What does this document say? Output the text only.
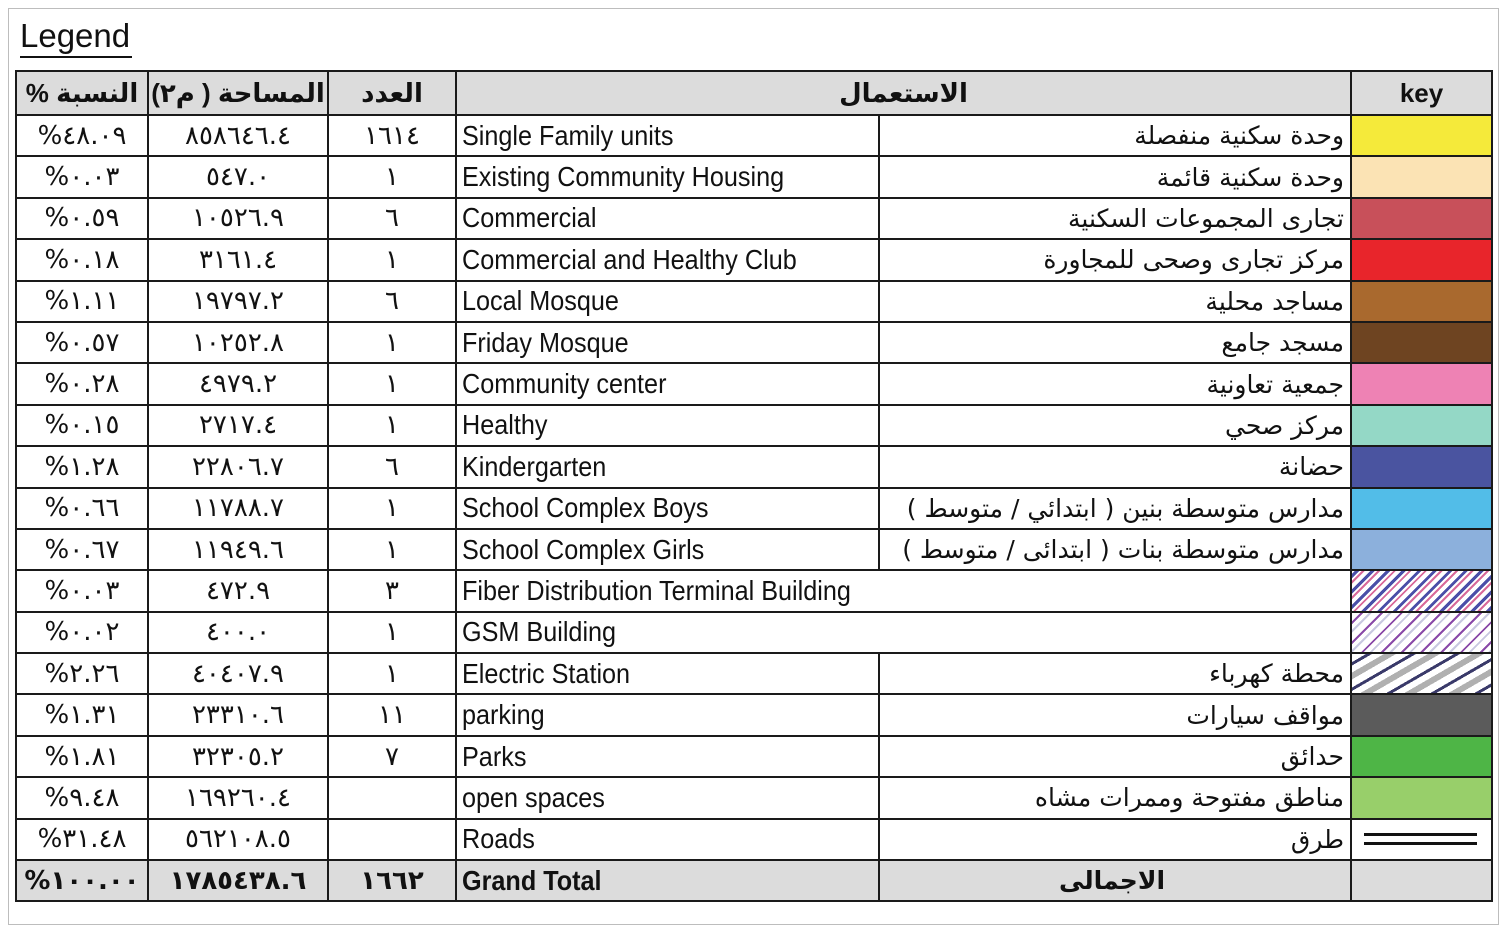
Legend
النسبة %	المساحة ( م٢)	العدد	الاستعمال		key
%٤٨.٠٩	٨٥٨٦٤٦.٤	١٦١٤	Single Family units	وحدة سكنية منفصلة	

%٠.٠٣	٥٤٧.٠	١	Existing Community Housing	وحدة سكنية قائمة	

%٠.٥٩	١٠٥٢٦.٩	٦	Commercial	تجارى المجموعات السكنية	

%٠.١٨	٣١٦١.٤	١	Commercial and Healthy Club	مركز تجارى وصحى للمجاورة	

%١.١١	١٩٧٩٧.٢	٦	Local Mosque	مساجد محلية	

%٠.٥٧	١٠٢٥٢.٨	١	Friday Mosque	مسجد جامع	

%٠.٢٨	٤٩٧٩.٢	١	Community center	جمعية تعاونية	

%٠.١٥	٢٧١٧.٤	١	Healthy	مركز صحي	

%١.٢٨	٢٢٨٠٦.٧	٦	Kindergarten	حضانة	

%٠.٦٦	١١٧٨٨.٧	١	School Complex Boys	مدارس متوسطة بنين ( ابتدائي / متوسط )	

%٠.٦٧	١١٩٤٩.٦	١	School Complex Girls	مدارس متوسطة بنات ( ابتدائى / متوسط )	

%٠.٠٣	٤٧٢.٩	٣	Fiber Distribution Terminal Building		

%٠.٠٢	٤٠٠.٠	١	GSM Building		

%٢.٢٦	٤٠٤٠٧.٩	١	Electric Station	محطة كهرباء	

%١.٣١	٢٣٣١٠.٦	١١	parking	مواقف سيارات	

%١.٨١	٣٢٣٠٥.٢	٧	Parks	حدائق	

%٩.٤٨	١٦٩٢٦٠.٤		open spaces	مناطق مفتوحة وممرات مشاه	

%٣١.٤٨	٥٦٢١٠٨.٥		Roads	طرق	

%١٠٠.٠٠	١٧٨٥٤٣٨.٦	١٦٦٢	Grand Total	الاجمالى	
